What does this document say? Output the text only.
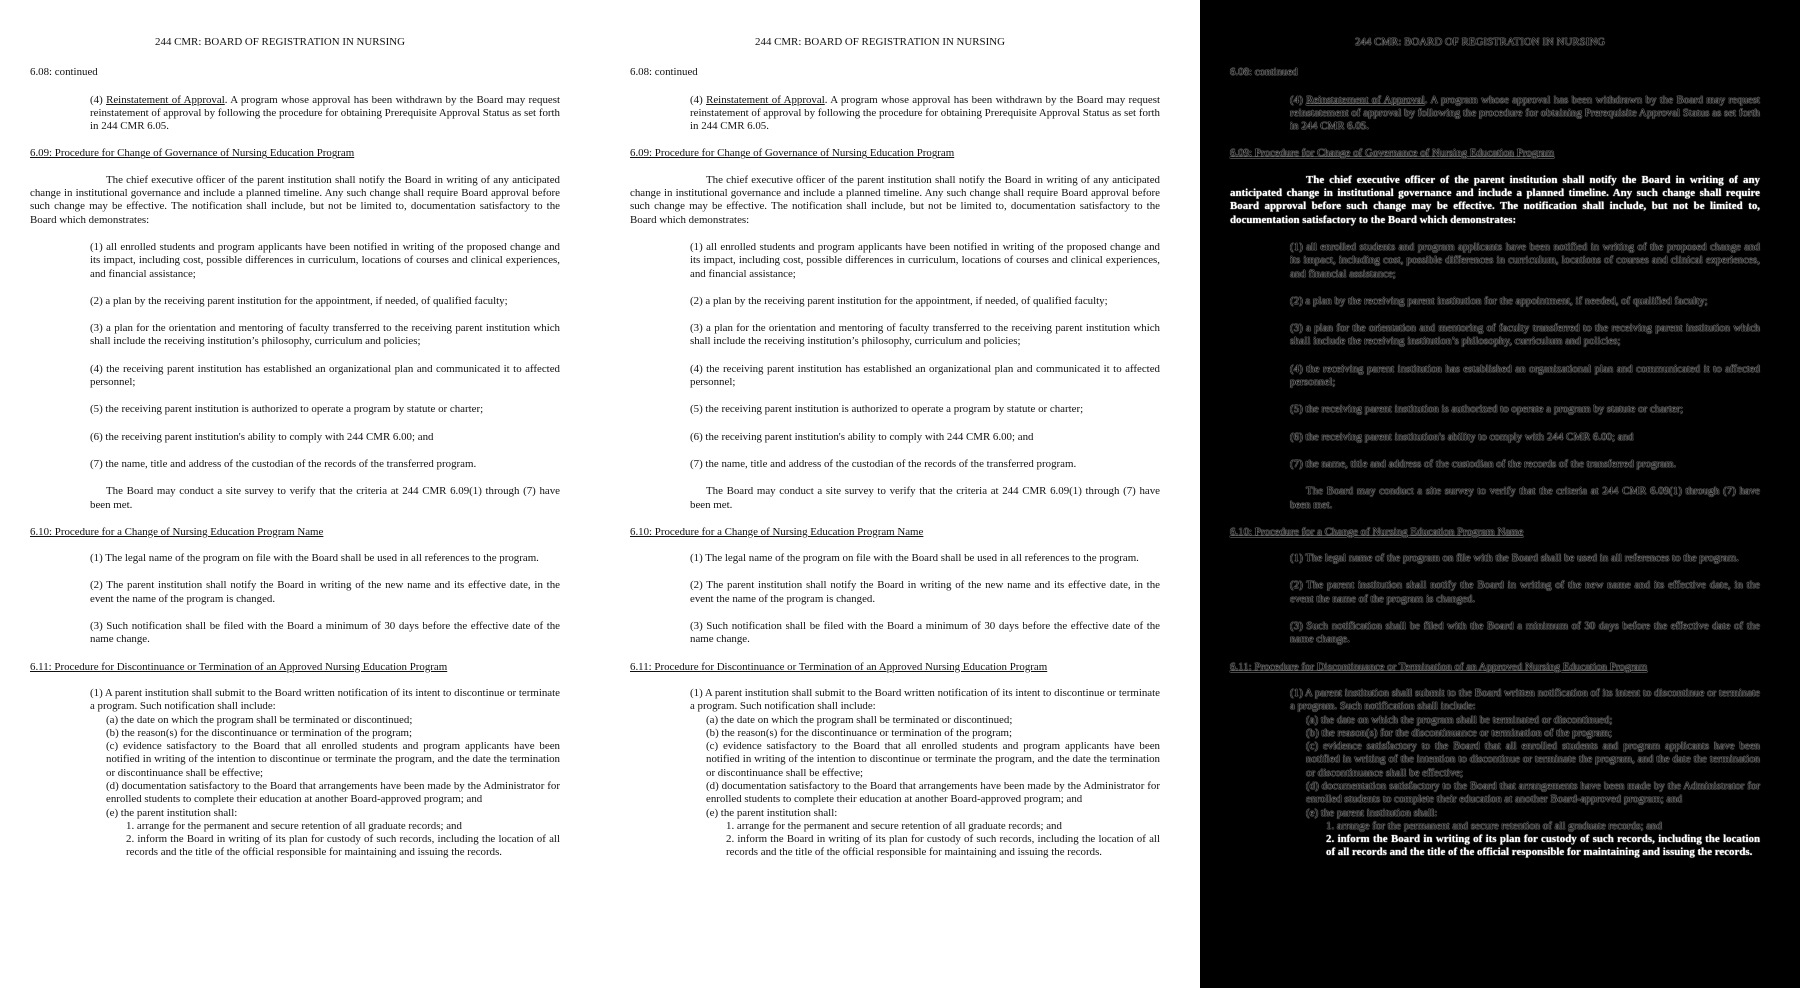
244 CMR: BOARD OF REGISTRATION IN NURSING
6.08: continued
(4) Reinstatement of Approval. A program whose approval has been withdrawn by the Board may request reinstatement of approval by following the procedure for obtaining Prerequisite Approval Status as set forth in 244 CMR 6.05.
6.09: Procedure for Change of Governance of Nursing Education Program
The chief executive officer of the parent institution shall notify the Board in writing of any anticipated change in institutional governance and include a planned timeline. Any such change shall require Board approval before such change may be effective. The notification shall include, but not be limited to, documentation satisfactory to the Board which demonstrates:
(1) all enrolled students and program applicants have been notified in writing of the proposed change and its impact, including cost, possible differences in curriculum, locations of courses and clinical experiences, and financial assistance;
(2) a plan by the receiving parent institution for the appointment, if needed, of qualified faculty;
(3) a plan for the orientation and mentoring of faculty transferred to the receiving parent institution which shall include the receiving institution’s philosophy, curriculum and policies;
(4) the receiving parent institution has established an organizational plan and communicated it to affected personnel;
(5) the receiving parent institution is authorized to operate a program by statute or charter;
(6) the receiving parent institution's ability to comply with 244 CMR 6.00; and
(7) the name, title and address of the custodian of the records of the transferred program.
The Board may conduct a site survey to verify that the criteria at 244 CMR 6.09(1) through (7) have been met.
6.10: Procedure for a Change of Nursing Education Program Name
(1) The legal name of the program on file with the Board shall be used in all references to the program.
(2) The parent institution shall notify the Board in writing of the new name and its effective date, in the event the name of the program is changed.
(3) Such notification shall be filed with the Board a minimum of 30 days before the effective date of the name change.
6.11: Procedure for Discontinuance or Termination of an Approved Nursing Education Program
(1) A parent institution shall submit to the Board written notification of its intent to discontinue or terminate a program. Such notification shall include:
(a) the date on which the program shall be terminated or discontinued;
(b) the reason(s) for the discontinuance or termination of the program;
(c) evidence satisfactory to the Board that all enrolled students and program applicants have been notified in writing of the intention to discontinue or terminate the program, and the date the termination or discontinuance shall be effective;
(d) documentation satisfactory to the Board that arrangements have been made by the Administrator for enrolled students to complete their education at another Board-approved program; and
(e) the parent institution shall:
1. arrange for the permanent and secure retention of all graduate records; and
2. inform the Board in writing of its plan for custody of such records, including the location of all records and the title of the official responsible for maintaining and issuing the records.
244 CMR: BOARD OF REGISTRATION IN NURSING
6.08: continued
(4) Reinstatement of Approval. A program whose approval has been withdrawn by the Board may request reinstatement of approval by following the procedure for obtaining Prerequisite Approval Status as set forth in 244 CMR 6.05.
6.09: Procedure for Change of Governance of Nursing Education Program
The chief executive officer of the parent institution shall notify the Board in writing of any anticipated change in institutional governance and include a planned timeline. Any such change shall require Board approval before such change may be effective. The notification shall include, but not be limited to, documentation satisfactory to the Board which demonstrates:
(1) all enrolled students and program applicants have been notified in writing of the proposed change and its impact, including cost, possible differences in curriculum, locations of courses and clinical experiences, and financial assistance;
(2) a plan by the receiving parent institution for the appointment, if needed, of qualified faculty;
(3) a plan for the orientation and mentoring of faculty transferred to the receiving parent institution which shall include the receiving institution’s philosophy, curriculum and policies;
(4) the receiving parent institution has established an organizational plan and communicated it to affected personnel;
(5) the receiving parent institution is authorized to operate a program by statute or charter;
(6) the receiving parent institution's ability to comply with 244 CMR 6.00; and
(7) the name, title and address of the custodian of the records of the transferred program.
The Board may conduct a site survey to verify that the criteria at 244 CMR 6.09(1) through (7) have been met.
6.10: Procedure for a Change of Nursing Education Program Name
(1) The legal name of the program on file with the Board shall be used in all references to the program.
(2) The parent institution shall notify the Board in writing of the new name and its effective date, in the event the name of the program is changed.
(3) Such notification shall be filed with the Board a minimum of 30 days before the effective date of the name change.
6.11: Procedure for Discontinuance or Termination of an Approved Nursing Education Program
(1) A parent institution shall submit to the Board written notification of its intent to discontinue or terminate a program. Such notification shall include:
(a) the date on which the program shall be terminated or discontinued;
(b) the reason(s) for the discontinuance or termination of the program;
(c) evidence satisfactory to the Board that all enrolled students and program applicants have been notified in writing of the intention to discontinue or terminate the program, and the date the termination or discontinuance shall be effective;
(d) documentation satisfactory to the Board that arrangements have been made by the Administrator for enrolled students to complete their education at another Board-approved program; and
(e) the parent institution shall:
1. arrange for the permanent and secure retention of all graduate records; and
2. inform the Board in writing of its plan for custody of such records, including the location of all records and the title of the official responsible for maintaining and issuing the records.
244 CMR: BOARD OF REGISTRATION IN NURSING
6.08: continued
(4) Reinstatement of Approval. A program whose approval has been withdrawn by the Board may request reinstatement of approval by following the procedure for obtaining Prerequisite Approval Status as set forth in 244 CMR 6.05.
6.09: Procedure for Change of Governance of Nursing Education Program
The chief executive officer of the parent institution shall notify the Board in writing of any anticipated change in institutional governance and include a planned timeline. Any such change shall require Board approval before such change may be effective. The notification shall include, but not be limited to, documentation satisfactory to the Board which demonstrates:
(1) all enrolled students and program applicants have been notified in writing of the proposed change and its impact, including cost, possible differences in curriculum, locations of courses and clinical experiences, and financial assistance;
(2) a plan by the receiving parent institution for the appointment, if needed, of qualified faculty;
(3) a plan for the orientation and mentoring of faculty transferred to the receiving parent institution which shall include the receiving institution’s philosophy, curriculum and policies;
(4) the receiving parent institution has established an organizational plan and communicated it to affected personnel;
(5) the receiving parent institution is authorized to operate a program by statute or charter;
(6) the receiving parent institution's ability to comply with 244 CMR 6.00; and
(7) the name, title and address of the custodian of the records of the transferred program.
The Board may conduct a site survey to verify that the criteria at 244 CMR 6.09(1) through (7) have been met.
6.10: Procedure for a Change of Nursing Education Program Name
(1) The legal name of the program on file with the Board shall be used in all references to the program.
(2) The parent institution shall notify the Board in writing of the new name and its effective date, in the event the name of the program is changed.
(3) Such notification shall be filed with the Board a minimum of 30 days before the effective date of the name change.
6.11: Procedure for Discontinuance or Termination of an Approved Nursing Education Program
(1) A parent institution shall submit to the Board written notification of its intent to discontinue or terminate a program. Such notification shall include:
(a) the date on which the program shall be terminated or discontinued;
(b) the reason(s) for the discontinuance or termination of the program;
(c) evidence satisfactory to the Board that all enrolled students and program applicants have been notified in writing of the intention to discontinue or terminate the program, and the date the termination or discontinuance shall be effective;
(d) documentation satisfactory to the Board that arrangements have been made by the Administrator for enrolled students to complete their education at another Board-approved program; and
(e) the parent institution shall:
1. arrange for the permanent and secure retention of all graduate records; and
2. inform the Board in writing of its plan for custody of such records, including the location of all records and the title of the official responsible for maintaining and issuing the records.
